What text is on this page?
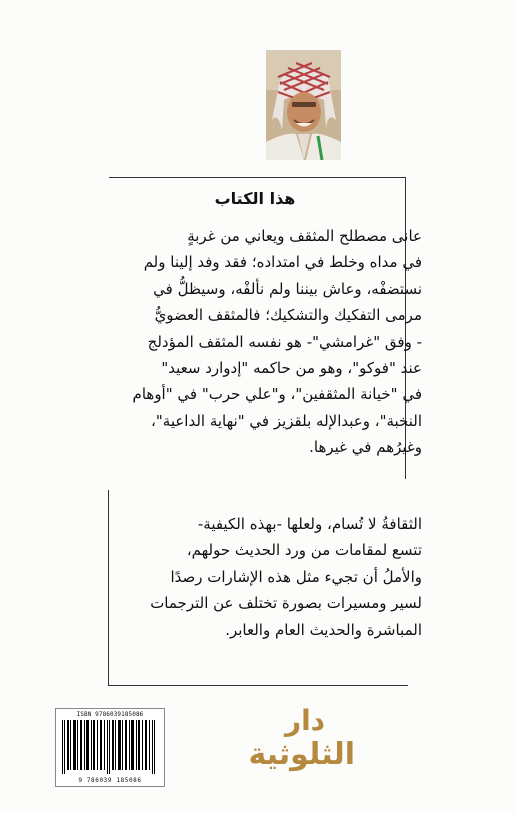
هذا الكتاب
عانى مصطلح المثقف ويعاني من غربةٍ
في مداه وخلط في امتداده؛ فقد وفد إلينا ولم
نستضفْه، وعاش بيننا ولم نألفْه، وسيظلُّ في
مرمى التفكيك والتشكيك؛ فالمثقف العضويُّ
- وفق "غرامشي"- هو نفسه المثقف المؤدلج
عند "فوكو"، وهو من حاكمه "إدوارد سعيد"
في "خيانة المثقفين"، و"علي حرب" في "أوهام
النخبة"، وعبدالإله بلقزيز في "نهاية الداعية"،
وغيرُهم في غيرها.
الثقافةُ لا تُسام، ولعلها -بهذه الكيفية-
تتسع لمقامات من ورد الحديث حولهم،
والأملُ أن تجيء مثل هذه الإشارات رصدًا
لسير ومسيرات بصورة تختلف عن الترجمات
المباشرة والحديث العام والعابر.
ISBN 9786039185086
9 786039 185086
دار
الثلوثية
